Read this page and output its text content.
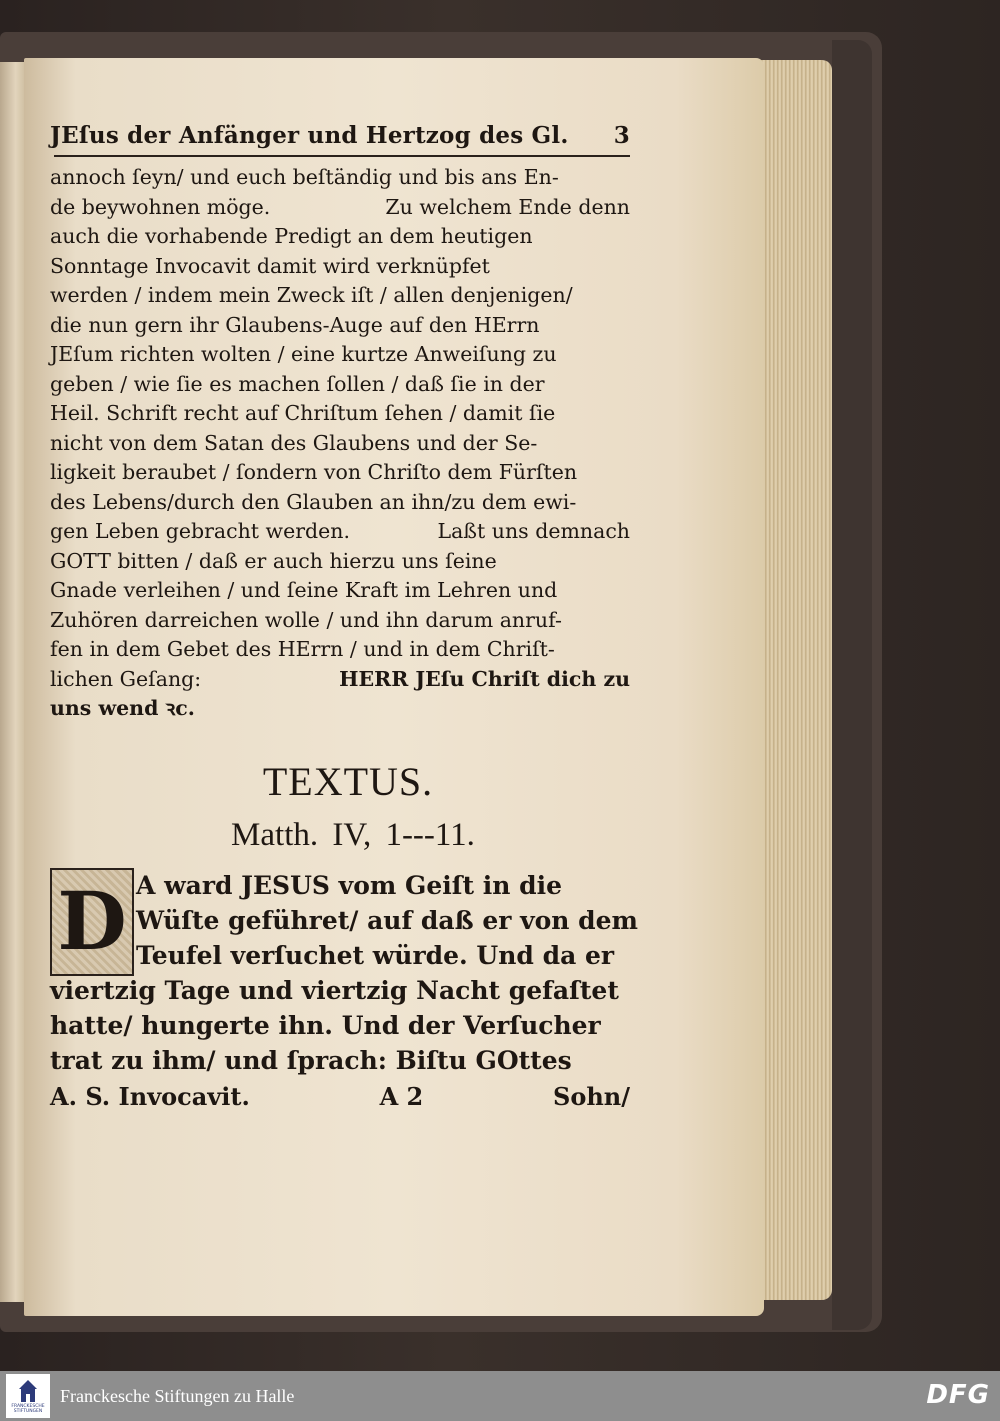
JEſus der Anfänger und Hertzog des Gl. 3
annoch ſeyn/ und euch beſtändig und bis ans En-
de beywohnen möge.	Zu welchem Ende denn
auch die vorhabende Predigt an dem heutigen
Sonntage Invocavit damit wird verknüpfet
werden / indem mein Zweck iſt / allen denjenigen/
die nun gern ihr Glaubens-Auge auf den HErrn
JEſum richten wolten / eine kurtze Anweiſung zu
geben / wie ſie es machen ſollen / daß ſie in der
Heil. Schrift recht auf Chriſtum ſehen / damit ſie
nicht von dem Satan des Glaubens und der Se-
ligkeit beraubet / ſondern von Chriſto dem Fürſten
des Lebens/durch den Glauben an ihn/zu dem ewi-
gen Leben gebracht werden.	Laßt uns demnach
GOTT bitten / daß er auch hierzu uns ſeine
Gnade verleihen / und ſeine Kraft im Lehren und
Zuhören darreichen wolle / und ihn darum anruf-
fen in dem Gebet des HErrn / und in dem Chriſt-
lichen Geſang:	HERR JEſu Chriſt dich zu
uns wend ꝛc.
TEXTUS.
Matth. IV, 1---11.
D A ward JESUS vom Geiſt in die
Wüſte geführet/ auf daß er von dem
Teufel verſuchet würde. Und da er
viertzig Tage und viertzig Nacht gefaſtet
hatte/ hungerte ihn. Und der Verſucher
trat zu ihm/ und ſprach: Biſtu GOttes
A. S. Invocavit.	A 2	Sohn/
FRANCKESCHE STIFTUNGEN
Franckesche Stiftungen zu Halle	DFG
